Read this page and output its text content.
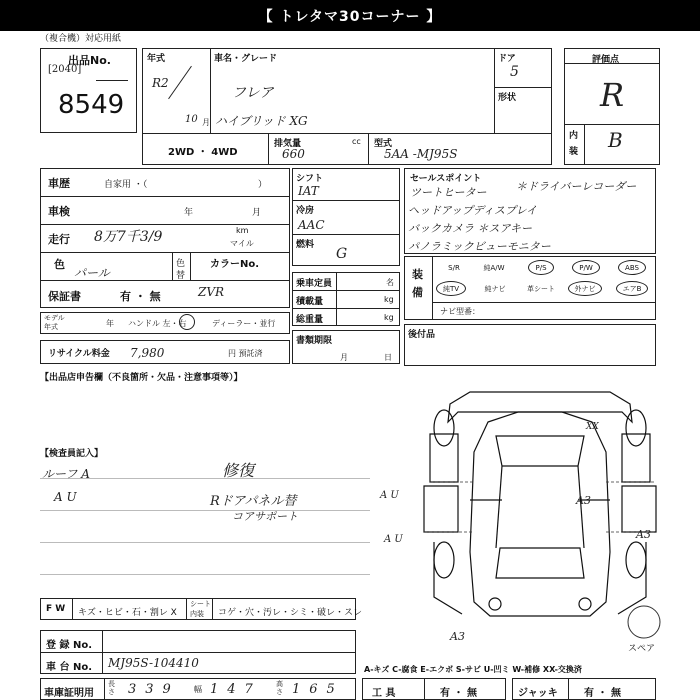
【 トレタマ30コーナー 】
（複合機）対応用紙
出品No.
[2040]
8549
年式
R2
10 月
車名・グレード
フレア
ハイブリッド XG
ドア
5
形状
2WD ・ 4WD
排気量	cc
660
型式
5AA -MJ95S
評価点
R
内
装 B
車歴	自家用 ・（	）
車検	年	月
走行 8万7千3/9	km
マイル
色
パール
色
替
カラーNo.
保証書	有 ・ 無	ZVR
モデル
年式	年 ハンドル 左・右	ディーラー・並行
リサイクル料金 7,980	円 預託済
シフト
IAT
冷房
AAC
燃料
G
乗車定員	名
積載量	kg
総重量	kg
書類期限
月	日
セールスポイント
ツートヒーター	＊ドライバーレコーダー
ヘッドアップディスプレイ
バックカメラ ＊スアキー
パノラミックビューモニター
装
備
S/R	純A/W	P/S	P/W	ABS
純TV	純ナビ	革シート	外ナビ	エアB
ナビ型番：
後付品
【出品店申告欄（不良箇所・欠品・注意事項等）】
【検査員記入】
ルーフ A
A U
修復
Rドアパネル替
コアサポート
A U	A3
A U	A3
XX
A3
スペア
F W キズ・ヒビ・石・割レ X
シート
内装 コゲ・穴・汚レ・シミ・破レ・スレ
登 録 No.
車 台 No. MJ95S-104410
車庫証明用
長さ 339 幅 147 高さ 165
A-キズ C-腐食 E-エクボ S-サビ U-凹ミ W-補修 XX-交換済
工 具	有 ・ 無	ジャッキ	有 ・ 無
